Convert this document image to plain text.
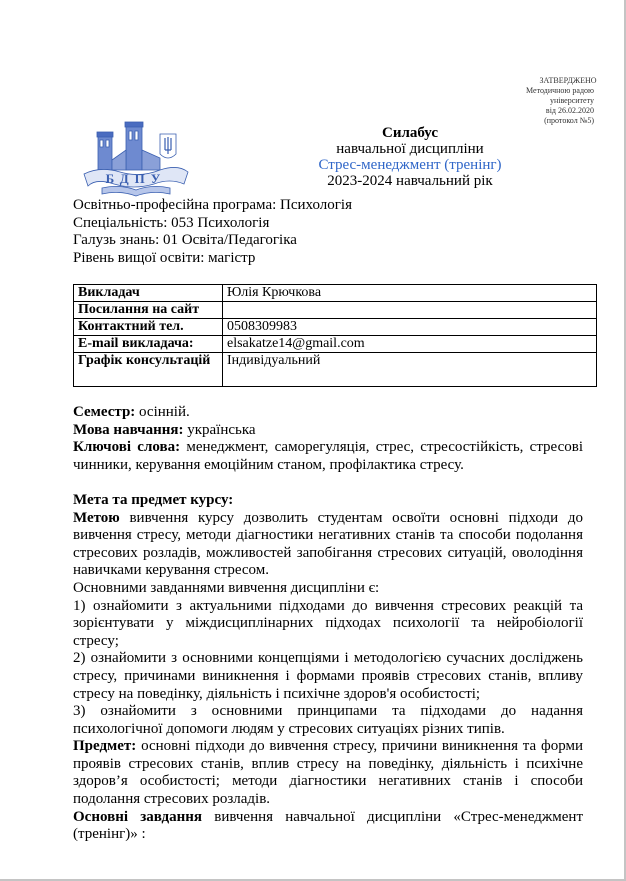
ЗАТВЕРДЖЕНО
Методичною радою
університету
від 26.02.2020
(протокол №5)
БДПУ
Силабус
навчальної дисципліни
Стрес-менеджмент (тренінг)
2023-2024 навчальний рік
Освітньо-професійна програма: Психологія
Спеціальність: 053 Психологія
Галузь знань: 01 Освіта/Педагогіка
Рівень вищої освіти: магістр
Викладач	Юлія Крючкова
Посилання на сайт	
Контактний тел.	0508309983
E-mail викладача:	elsakatze14@gmail.com
Графік консультацій	Індивідуальний

Семестр: осінній.

Мова навчання: українська

Ключові слова: менеджмент, саморегуляція, стрес, стресостійкість, стресові чинники, керування емоційним станом, профілактика стресу.

Мета та предмет курсу:

Метою вивчення курсу дозволить студентам освоїти основні підходи до вивчення стресу, методи діагностики негативних станів та способи подолання стресових розладів, можливостей запобігання стресових ситуацій, оволодіння навичками керування стресом.

Основними завданнями вивчення дисципліни є:

1) ознайомити з актуальними підходами до вивчення стресових реакцій та зорієнтувати у міждисциплінарних підходах психології та нейробіології стресу;

2) ознайомити з основними концепціями і методологією сучасних досліджень стресу, причинами виникнення і формами проявів стресових станів, впливу стресу на поведінку, діяльність і психічне здоров'я особистості;

3) ознайомити з основними принципами та підходами до надання психологічної допомоги людям у стресових ситуаціях різних типів.

Предмет: основні підходи до вивчення стресу, причини виникнення та форми проявів стресових станів, вплив стресу на поведінку, діяльність і психічне здоров’я особистості; методи діагностики негативних станів і способи подолання стресових розладів.

Основні завдання вивчення навчальної дисципліни «Стрес-менеджмент (тренінг)» :
